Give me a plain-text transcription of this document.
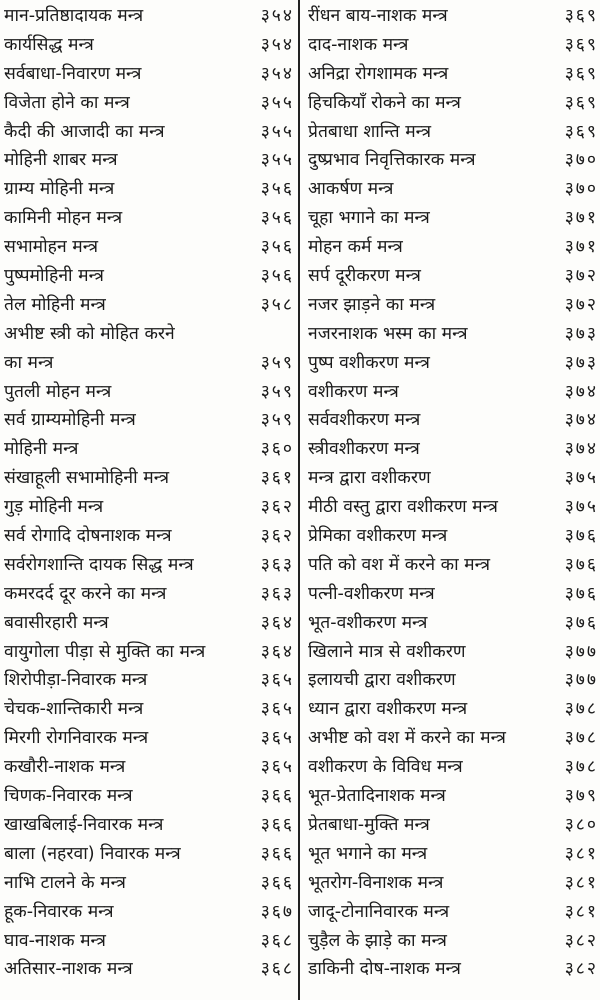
मान-प्रतिष्ठादायक मन्त्र	३५४
कार्यसिद्ध मन्त्र	३५४
सर्वबाधा-निवारण मन्त्र	३५४
विजेता होने का मन्त्र	३५५
कैदी की आजादी का मन्त्र	३५५
मोहिनी शाबर मन्त्र	३५५
ग्राम्य मोहिनी मन्त्र	३५६
कामिनी मोहन मन्त्र	३५६
सभामोहन मन्त्र	३५६
पुष्पमोहिनी मन्त्र	३५६
तेल मोहिनी मन्त्र	३५८
अभीष्ट स्त्री को मोहित करने
का मन्त्र	३५९
पुतली मोहन मन्त्र	३५९
सर्व ग्राम्यमोहिनी मन्त्र	३५९
मोहिनी मन्त्र	३६०
संखाहूली सभामोहिनी मन्त्र	३६१
गुड़ मोहिनी मन्त्र	३६२
सर्व रोगादि दोषनाशक मन्त्र	३६२
सर्वरोगशान्ति दायक सिद्ध मन्त्र	३६३
कमरदर्द दूर करने का मन्त्र	३६३
बवासीरहारी मन्त्र	३६४
वायुगोला पीड़ा से मुक्ति का मन्त्र	३६४
शिरोपीड़ा-निवारक मन्त्र	३६५
चेचक-शान्तिकारी मन्त्र	३६५
मिरगी रोगनिवारक मन्त्र	३६५
कखौरी-नाशक मन्त्र	३६५
चिणक-निवारक मन्त्र	३६६
खाखबिलाई-निवारक मन्त्र	३६६
बाला (नहरवा) निवारक मन्त्र	३६६
नाभि टालने के मन्त्र	३६६
हूक-निवारक मन्त्र	३६७
घाव-नाशक मन्त्र	३६८
अतिसार-नाशक मन्त्र	३६८
रींधन बाय-नाशक मन्त्र	३६९
दाद-नाशक मन्त्र	३६९
अनिद्रा रोगशामक मन्त्र	३६९
हिचकियाँ रोकने का मन्त्र	३६९
प्रेतबाधा शान्ति मन्त्र	३६९
दुष्प्रभाव निवृत्तिकारक मन्त्र	३७०
आकर्षण मन्त्र	३७०
चूहा भगाने का मन्त्र	३७१
मोहन कर्म मन्त्र	३७१
सर्प दूरीकरण मन्त्र	३७२
नजर झाड़ने का मन्त्र	३७२
नजरनाशक भस्म का मन्त्र	३७३
पुष्प वशीकरण मन्त्र	३७३
वशीकरण मन्त्र	३७४
सर्ववशीकरण मन्त्र	३७४
स्त्रीवशीकरण मन्त्र	३७४
मन्त्र द्वारा वशीकरण	३७५
मीठी वस्तु द्वारा वशीकरण मन्त्र	३७५
प्रेमिका वशीकरण मन्त्र	३७६
पति को वश में करने का मन्त्र	३७६
पत्नी-वशीकरण मन्त्र	३७६
भूत-वशीकरण मन्त्र	३७६
खिलाने मात्र से वशीकरण	३७७
इलायची द्वारा वशीकरण	३७७
ध्यान द्वारा वशीकरण मन्त्र	३७८
अभीष्ट को वश में करने का मन्त्र	३७८
वशीकरण के विविध मन्त्र	३७८
भूत-प्रेतादिनाशक मन्त्र	३७९
प्रेतबाधा-मुक्ति मन्त्र	३८०
भूत भगाने का मन्त्र	३८१
भूतरोग-विनाशक मन्त्र	३८१
जादू-टोनानिवारक मन्त्र	३८१
चुड़ैल के झाड़े का मन्त्र	३८२
डाकिनी दोष-नाशक मन्त्र	३८२
